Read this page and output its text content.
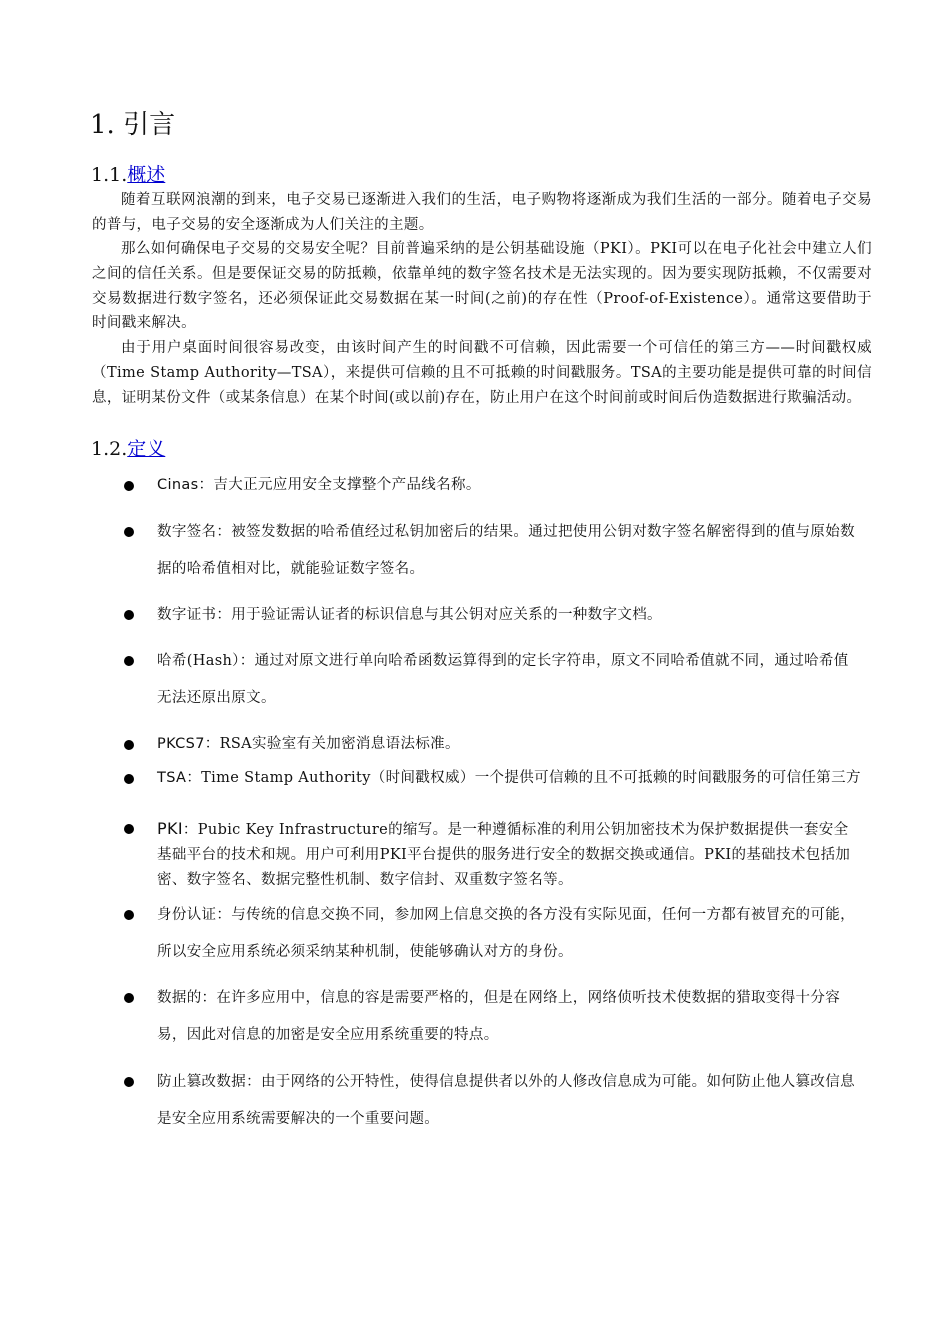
1. 引言
1.1.概述

随着互联网浪潮的到来，电子交易已逐渐进入我们的生活，电子购物将逐渐成为我们生活的一部分。随着电子交易的普与，电子交易的安全逐渐成为人们关注的主题。

那么如何确保电子交易的交易安全呢？目前普遍采纳的是公钥基础设施（PKI）。PKI可以在电子化社会中建立人们之间的信任关系。但是要保证交易的防抵赖，依靠单纯的数字签名技术是无法实现的。因为要实现防抵赖，不仅需要对交易数据进行数字签名，还必须保证此交易数据在某一时间(之前)的存在性（Proof-of-Existence）。通常这要借助于时间戳来解决。

由于用户桌面时间很容易改变，由该时间产生的时间戳不可信赖，因此需要一个可信任的第三方——时间戳权威（Time Stamp Authority—TSA），来提供可信赖的且不可抵赖的时间戳服务。TSA的主要功能是提供可靠的时间信息，证明某份文件（或某条信息）在某个时间(或以前)存在，防止用户在这个时间前或时间后伪造数据进行欺骗活动。

1.2.定义

Cinas：吉大正元应用安全支撑整个产品线名称。

数字签名：被签发数据的哈希值经过私钥加密后的结果。通过把使用公钥对数字签名解密得到的值与原始数据的哈希值相对比，就能验证数字签名。

数字证书：用于验证需认证者的标识信息与其公钥对应关系的一种数字文档。

哈希(Hash）：通过对原文进行单向哈希函数运算得到的定长字符串，原文不同哈希值就不同，通过哈希值无法还原出原文。

PKCS7：RSA实验室有关加密消息语法标准。

TSA：Time Stamp Authority（时间戳权威）一个提供可信赖的且不可抵赖的时间戳服务的可信任第三方

PKI：Pubic Key Infrastructure的缩写。是一种遵循标准的利用公钥加密技术为保护数据提供一套安全基础平台的技术和规。用户可利用PKI平台提供的服务进行安全的数据交换或通信。PKI的基础技术包括加密、数字签名、数据完整性机制、数字信封、双重数字签名等。

身份认证：与传统的信息交换不同，参加网上信息交换的各方没有实际见面，任何一方都有被冒充的可能，所以安全应用系统必须采纳某种机制，使能够确认对方的身份。

数据的：在许多应用中，信息的容是需要严格的，但是在网络上，网络侦听技术使数据的猎取变得十分容易，因此对信息的加密是安全应用系统重要的特点。

防止篡改数据：由于网络的公开特性，使得信息提供者以外的人修改信息成为可能。如何防止他人篡改信息是安全应用系统需要解决的一个重要问题。
